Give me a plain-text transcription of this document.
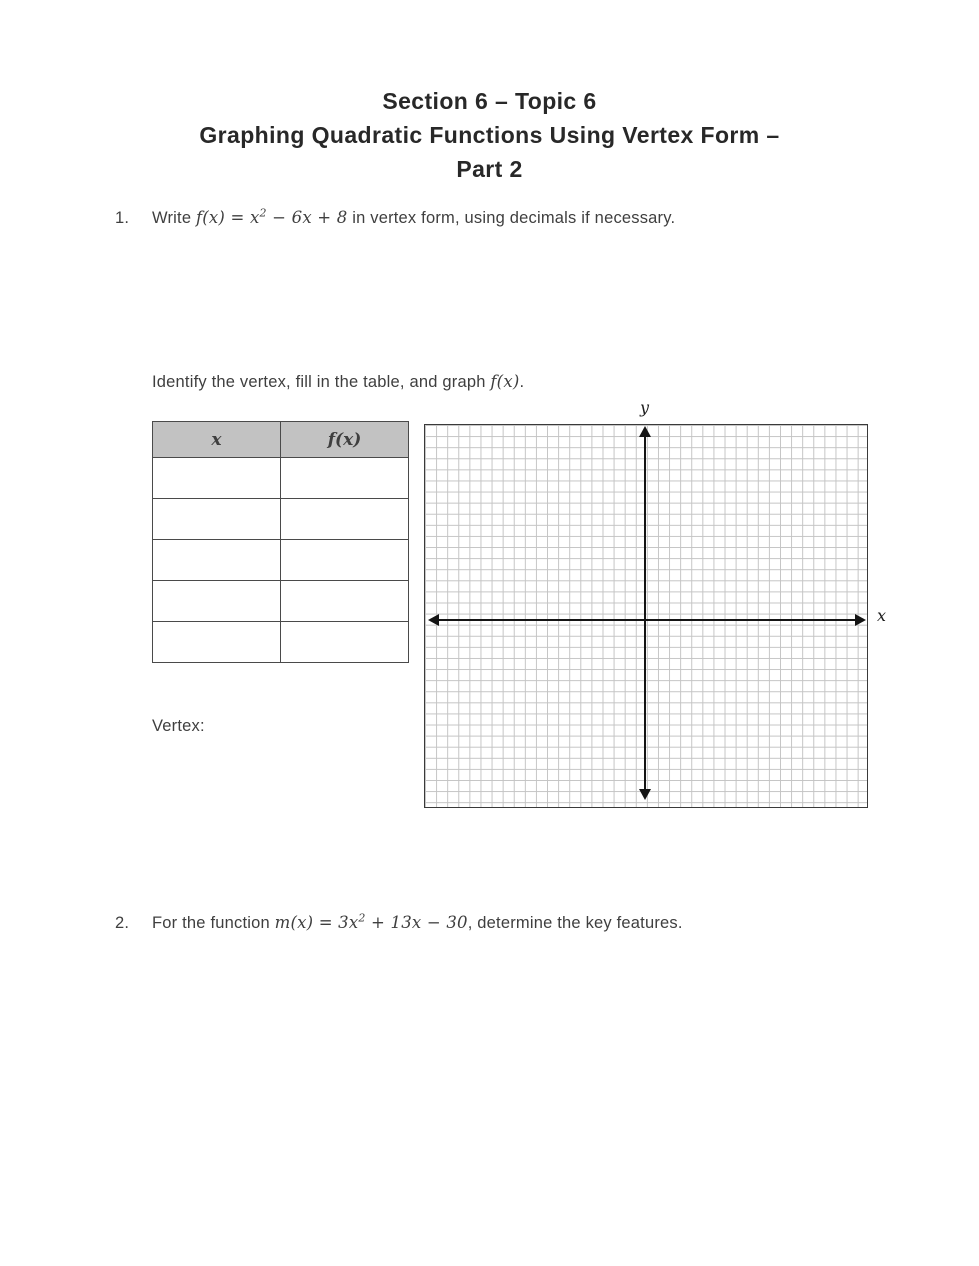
Section 6 – Topic 6
Graphing Quadratic Functions Using Vertex Form –
Part 2
1. Write $f(x) = x^2 - 6x + 8$ in vertex form, using decimals if necessary.
Identify the vertex, fill in the table, and graph f(x).
x	f(x)

y
x
Vertex:
2. For the function $m(x) = 3x^2 + 13x - 30$, determine the key features.
